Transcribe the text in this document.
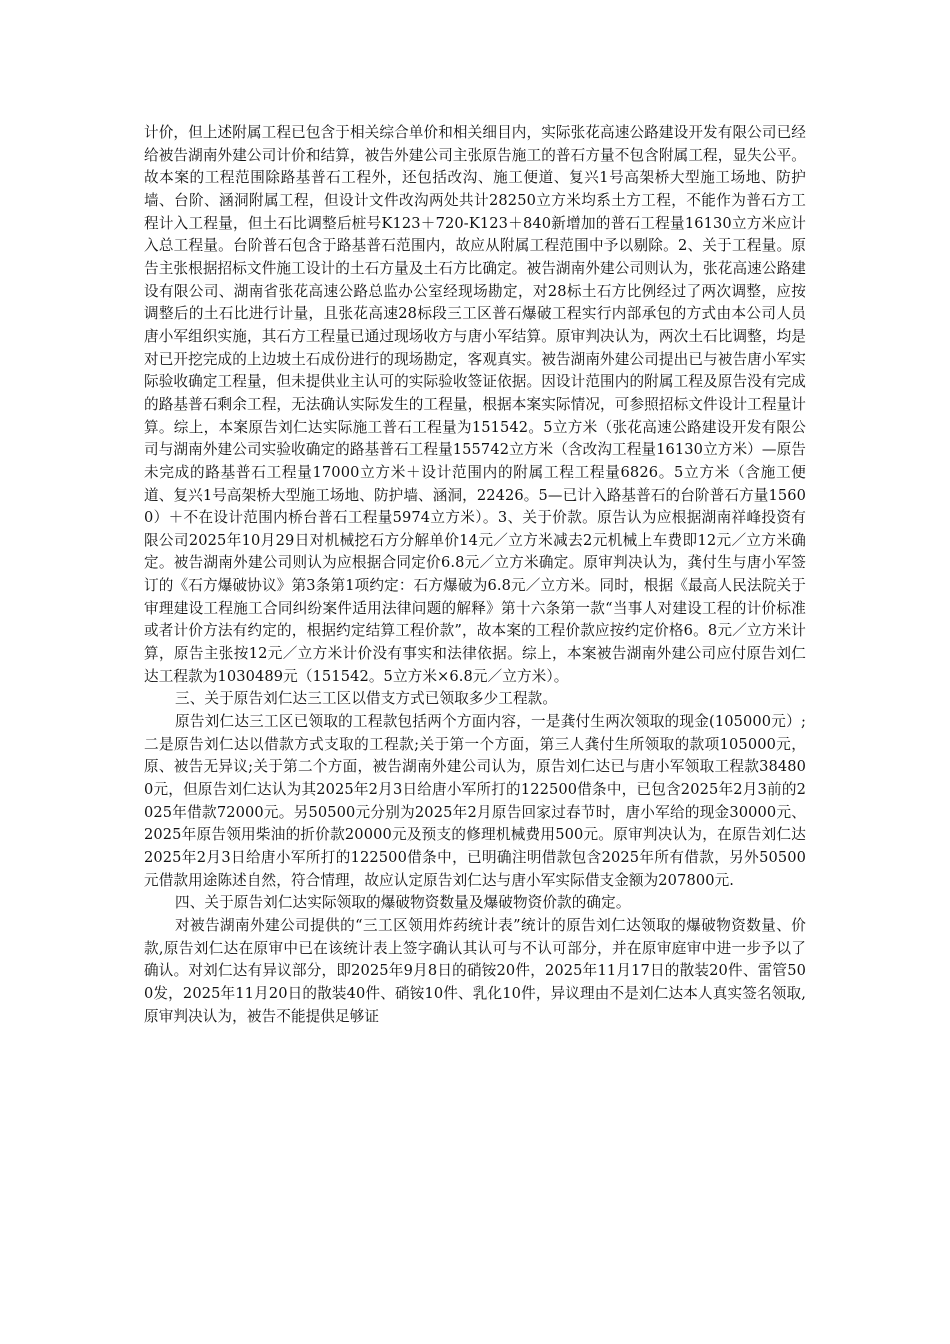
计价，但上述附属工程已包含于相关综合单价和相关细目内，实际张花高速公路建设开发有限公司已经给被告湖南外建公司计价和结算，被告外建公司主张原告施工的普石方量不包含附属工程，显失公平。故本案的工程范围除路基普石工程外，还包括改沟、施工便道、复兴1号高架桥大型施工场地、防护墙、台阶、涵洞附属工程，但设计文件改沟两处共计28250立方米均系土方工程，不能作为普石方工程计入工程量，但土石比调整后桩号K123＋720-K123＋840新增加的普石工程量16130立方米应计入总工程量。台阶普石包含于路基普石范围内，故应从附属工程范围中予以剔除。2、关于工程量。原告主张根据招标文件施工设计的土石方量及土石方比确定。被告湖南外建公司则认为，张花高速公路建设有限公司、湖南省张花高速公路总监办公室经现场勘定，对28标土石方比例经过了两次调整，应按调整后的土石比进行计量，且张花高速28标段三工区普石爆破工程实行内部承包的方式由本公司人员唐小军组织实施，其石方工程量已通过现场收方与唐小军结算。原审判决认为，两次土石比调整，均是对已开挖完成的上边坡土石成份进行的现场勘定，客观真实。被告湖南外建公司提出已与被告唐小军实际验收确定工程量，但未提供业主认可的实际验收签证依据。因设计范围内的附属工程及原告没有完成的路基普石剩余工程，无法确认实际发生的工程量，根据本案实际情况，可参照招标文件设计工程量计算。综上，本案原告刘仁达实际施工普石工程量为151542。5立方米（张花高速公路建设开发有限公司与湖南外建公司实验收确定的路基普石工程量155742立方米（含改沟工程量16130立方米）—原告未完成的路基普石工程量17000立方米＋设计范围内的附属工程工程量6826。5立方米（含施工便道、复兴1号高架桥大型施工场地、防护墙、涵洞，22426。5—已计入路基普石的台阶普石方量15600）＋不在设计范围内桥台普石工程量5974立方米）。3、关于价款。原告认为应根据湖南祥峰投资有限公司2025年10月29日对机械挖石方分解单价14元／立方米减去2元机械上车费即12元／立方米确定。被告湖南外建公司则认为应根据合同定价6.8元／立方米确定。原审判决认为，龚付生与唐小军签订的《石方爆破协议》第3条第1项约定：石方爆破为6.8元／立方米。同时，根据《最高人民法院关于审理建设工程施工合同纠纷案件适用法律问题的解释》第十六条第一款“当事人对建设工程的计价标准或者计价方法有约定的，根据约定结算工程价款”，故本案的工程价款应按约定价格6。8元／立方米计算，原告主张按12元／立方米计价没有事实和法律依据。综上，本案被告湖南外建公司应付原告刘仁达工程款为1030489元（151542。5立方米×6.8元／立方米）。

三、关于原告刘仁达三工区以借支方式已领取多少工程款。

原告刘仁达三工区已领取的工程款包括两个方面内容，一是龚付生两次领取的现金(105000元）;二是原告刘仁达以借款方式支取的工程款;关于第一个方面，第三人龚付生所领取的款项105000元，原、被告无异议;关于第二个方面，被告湖南外建公司认为，原告刘仁达已与唐小军领取工程款384800元，但原告刘仁达认为其2025年2月3日给唐小军所打的122500借条中，已包含2025年2月3前的2025年借款72000元。另50500元分别为2025年2月原告回家过春节时，唐小军给的现金30000元、2025年原告领用柴油的折价款20000元及预支的修理机械费用500元。原审判决认为，在原告刘仁达2025年2月3日给唐小军所打的122500借条中，已明确注明借款包含2025年所有借款，另外50500元借款用途陈述自然，符合情理，故应认定原告刘仁达与唐小军实际借支金额为207800元.

四、关于原告刘仁达实际领取的爆破物资数量及爆破物资价款的确定。

对被告湖南外建公司提供的“三工区领用炸药统计表”统计的原告刘仁达领取的爆破物资数量、价款,原告刘仁达在原审中已在该统计表上签字确认其认可与不认可部分，并在原审庭审中进一步予以了确认。对刘仁达有异议部分，即2025年9月8日的硝铵20件，2025年11月17日的散装20件、雷管500发，2025年11月20日的散装40件、硝铵10件、乳化10件，异议理由不是刘仁达本人真实签名领取,原审判决认为，被告不能提供足够证
